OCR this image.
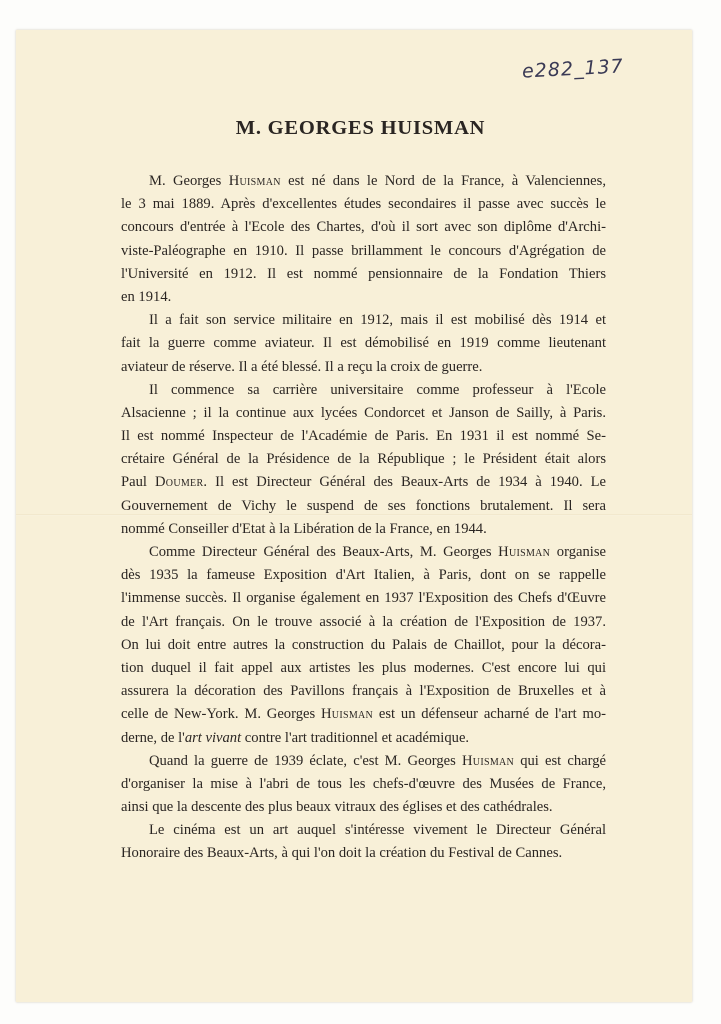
e282_137
M. GEORGES HUISMAN
M. Georges Huisman est né dans le Nord de la France, à Valenciennes,
le 3 mai 1889. Après d'excellentes études secondaires il passe avec succès le
concours d'entrée à l'Ecole des Chartes, d'où il sort avec son diplôme d'Archi-
viste-Paléographe en 1910. Il passe brillamment le concours d'Agrégation de
l'Université en 1912. Il est nommé pensionnaire de la Fondation Thiers
en 1914.
Il a fait son service militaire en 1912, mais il est mobilisé dès 1914 et
fait la guerre comme aviateur. Il est démobilisé en 1919 comme lieutenant
aviateur de réserve. Il a été blessé. Il a reçu la croix de guerre.
Il commence sa carrière universitaire comme professeur à l'Ecole
Alsacienne ; il la continue aux lycées Condorcet et Janson de Sailly, à Paris.
Il est nommé Inspecteur de l'Académie de Paris. En 1931 il est nommé Se-
crétaire Général de la Présidence de la République ; le Président était alors
Paul Doumer. Il est Directeur Général des Beaux-Arts de 1934 à 1940. Le
Gouvernement de Vichy le suspend de ses fonctions brutalement. Il sera
nommé Conseiller d'Etat à la Libération de la France, en 1944.
Comme Directeur Général des Beaux-Arts, M. Georges Huisman organise
dès 1935 la fameuse Exposition d'Art Italien, à Paris, dont on se rappelle
l'immense succès. Il organise également en 1937 l'Exposition des Chefs d'Œuvre
de l'Art français. On le trouve associé à la création de l'Exposition de 1937.
On lui doit entre autres la construction du Palais de Chaillot, pour la décora-
tion duquel il fait appel aux artistes les plus modernes. C'est encore lui qui
assurera la décoration des Pavillons français à l'Exposition de Bruxelles et à
celle de New-York. M. Georges Huisman est un défenseur acharné de l'art mo-
derne, de l'art vivant contre l'art traditionnel et académique.
Quand la guerre de 1939 éclate, c'est M. Georges Huisman qui est chargé
d'organiser la mise à l'abri de tous les chefs-d'œuvre des Musées de France,
ainsi que la descente des plus beaux vitraux des églises et des cathédrales.
Le cinéma est un art auquel s'intéresse vivement le Directeur Général
Honoraire des Beaux-Arts, à qui l'on doit la création du Festival de Cannes.
